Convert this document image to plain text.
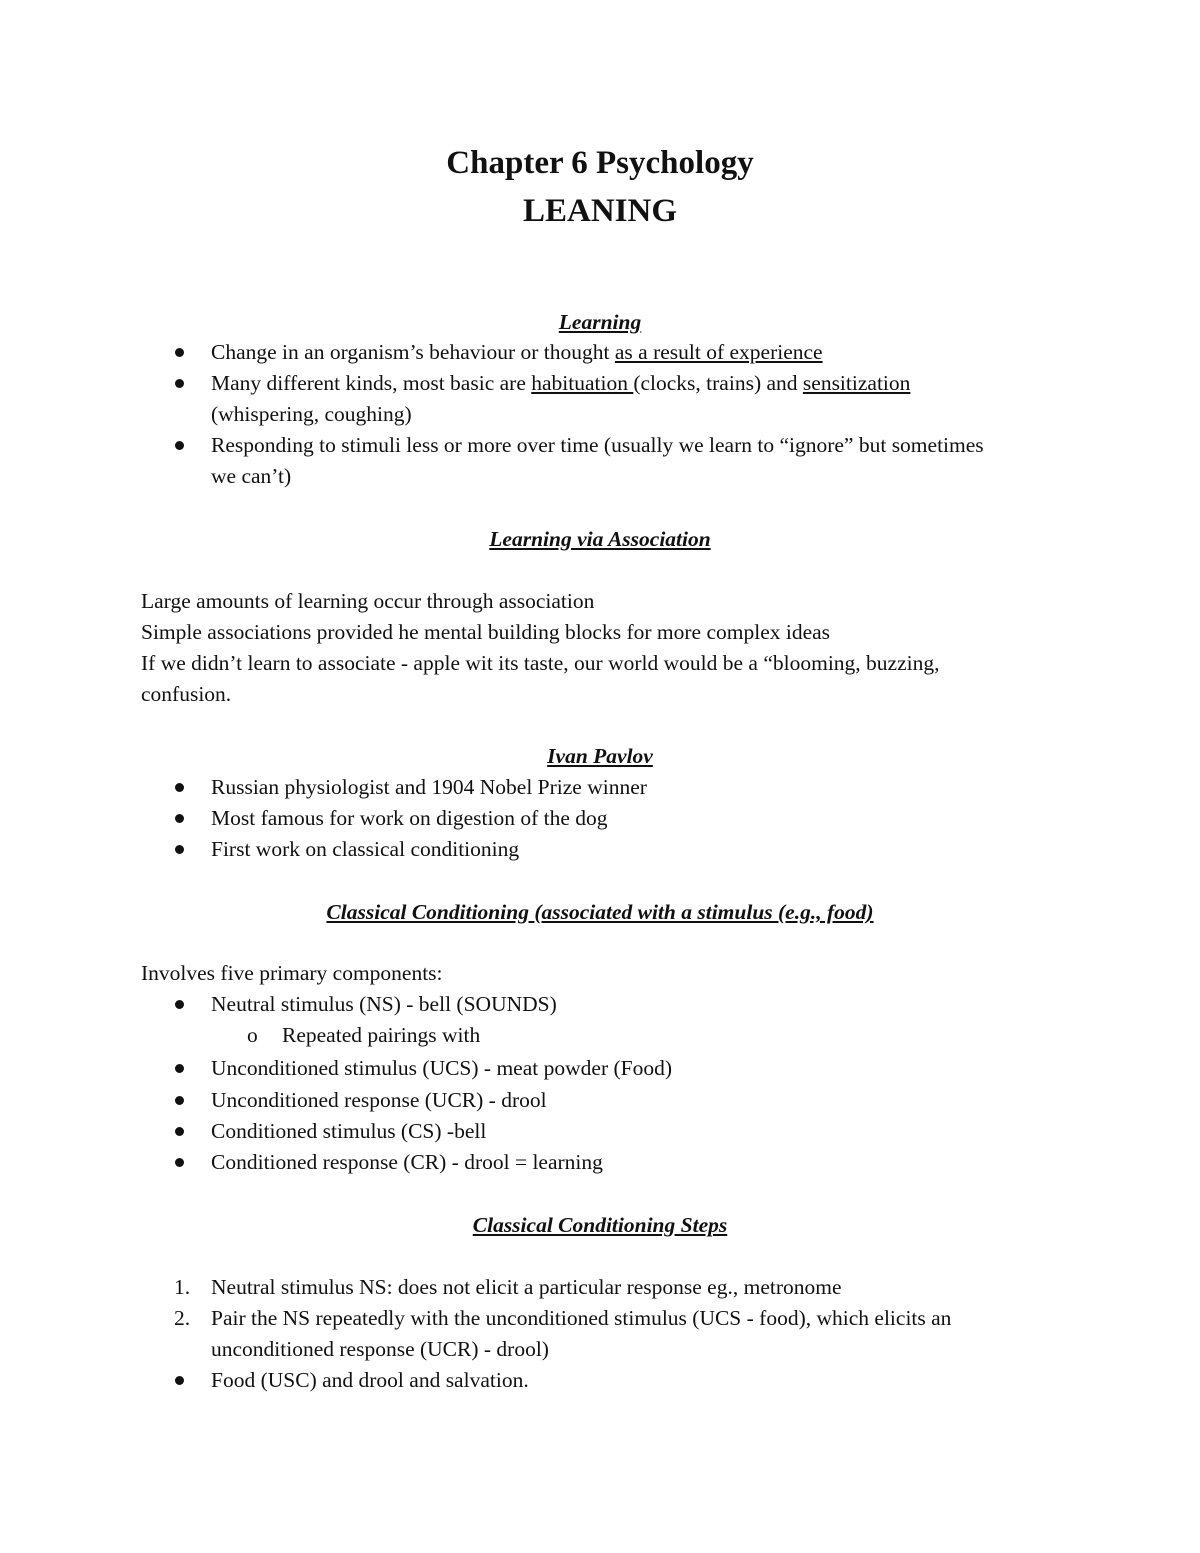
Chapter 6 Psychology
LEANING
Learning
Change in an organism’s behaviour or thought as a result of experience
Many different kinds, most basic are habituation (clocks, trains) and sensitization
(whispering, coughing)
Responding to stimuli less or more over time (usually we learn to “ignore” but sometimes
we can’t)
Learning via Association
Large amounts of learning occur through association
Simple associations provided he mental building blocks for more complex ideas
If we didn’t learn to associate - apple wit its taste, our world would be a “blooming, buzzing,
confusion.
Ivan Pavlov
Russian physiologist and 1904 Nobel Prize winner
Most famous for work on digestion of the dog
First work on classical conditioning
Classical Conditioning (associated with a stimulus (e.g., food)
Involves five primary components:
Neutral stimulus (NS) - bell (SOUNDS)
o Repeated pairings with
Unconditioned stimulus (UCS) - meat powder (Food)
Unconditioned response (UCR) - drool
Conditioned stimulus (CS) -bell
Conditioned response (CR) - drool = learning
Classical Conditioning Steps
1. Neutral stimulus NS: does not elicit a particular response eg., metronome
2. Pair the NS repeatedly with the unconditioned stimulus (UCS - food), which elicits an
unconditioned response (UCR) - drool)
Food (USC) and drool and salvation.
